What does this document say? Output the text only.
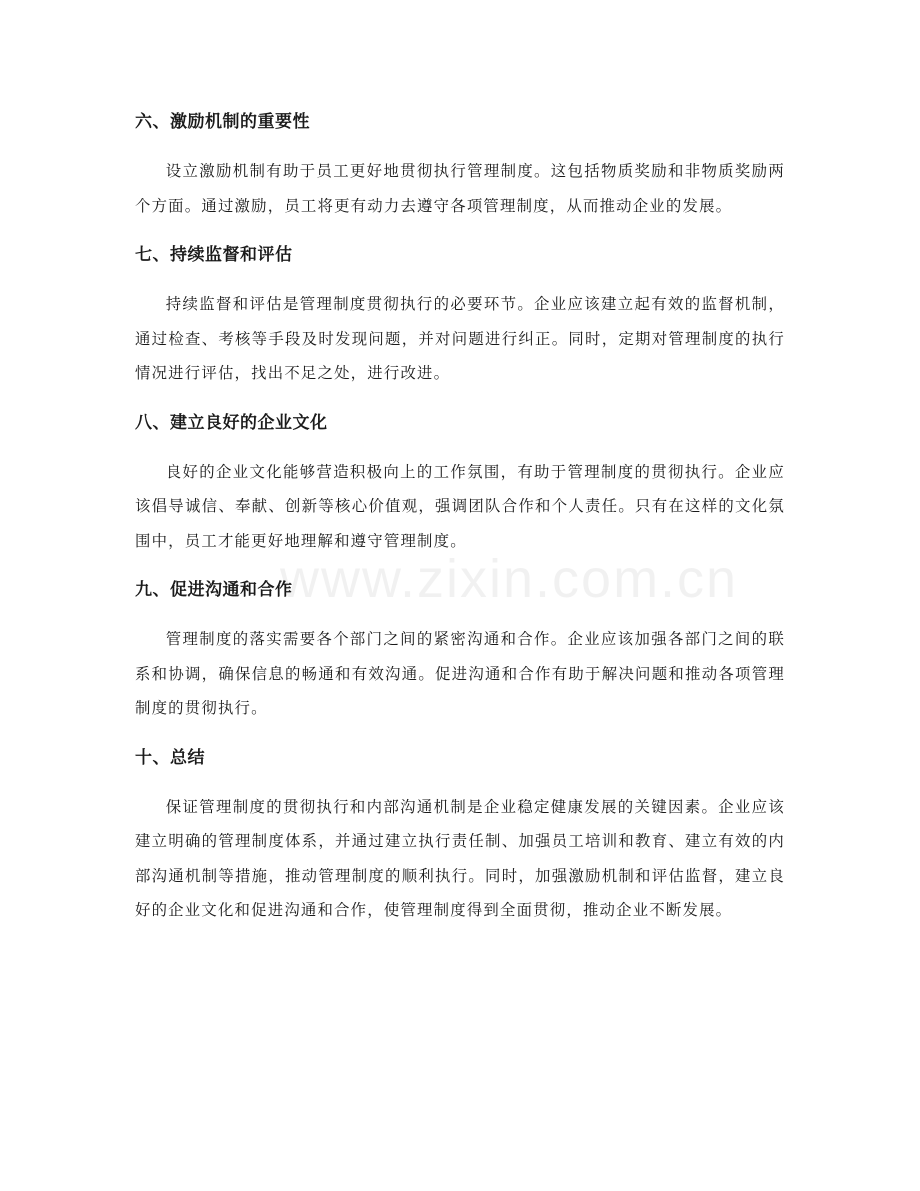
六、激励机制的重要性

设立激励机制有助于员工更好地贯彻执行管理制度。这包括物质奖励和非物质奖励两个方面。通过激励，员工将更有动力去遵守各项管理制度，从而推动企业的发展。

七、持续监督和评估

持续监督和评估是管理制度贯彻执行的必要环节。企业应该建立起有效的监督机制，通过检查、考核等手段及时发现问题，并对问题进行纠正。同时，定期对管理制度的执行情况进行评估，找出不足之处，进行改进。

八、建立良好的企业文化

良好的企业文化能够营造积极向上的工作氛围，有助于管理制度的贯彻执行。企业应该倡导诚信、奉献、创新等核心价值观，强调团队合作和个人责任。只有在这样的文化氛围中，员工才能更好地理解和遵守管理制度。

九、促进沟通和合作

管理制度的落实需要各个部门之间的紧密沟通和合作。企业应该加强各部门之间的联系和协调，确保信息的畅通和有效沟通。促进沟通和合作有助于解决问题和推动各项管理制度的贯彻执行。

十、总结

保证管理制度的贯彻执行和内部沟通机制是企业稳定健康发展的关键因素。企业应该建立明确的管理制度体系，并通过建立执行责任制、加强员工培训和教育、建立有效的内部沟通机制等措施，推动管理制度的顺利执行。同时，加强激励机制和评估监督，建立良好的企业文化和促进沟通和合作，使管理制度得到全面贯彻，推动企业不断发展。

www.zixin.com.cn
